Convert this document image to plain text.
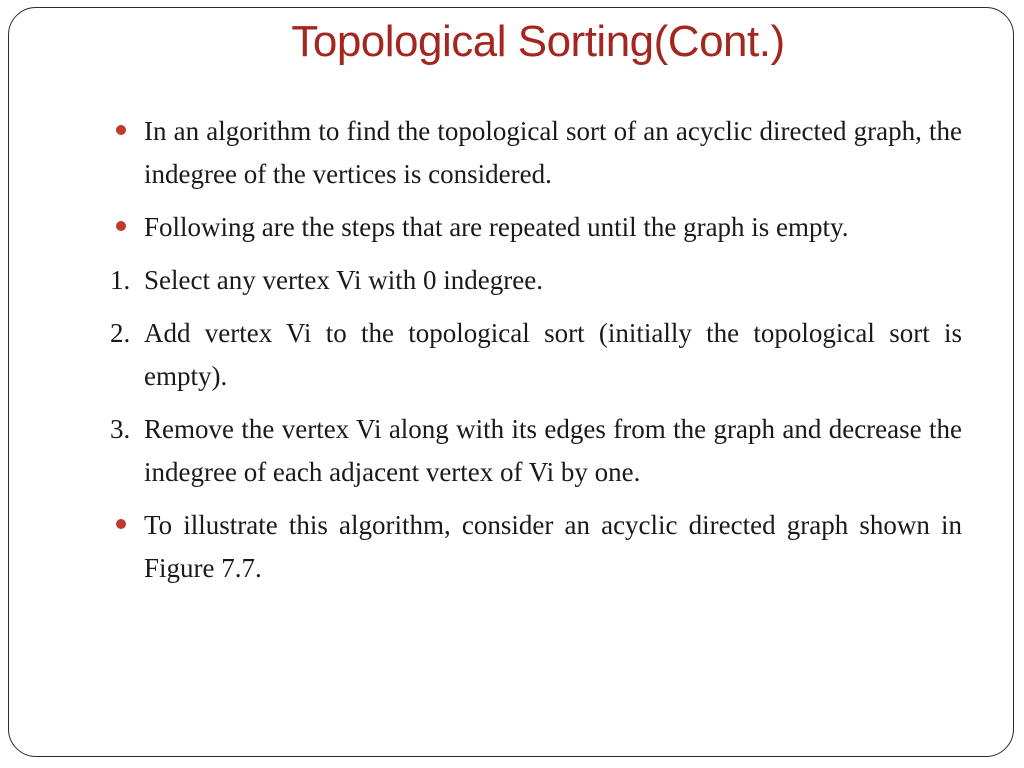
Topological Sorting(Cont.)
In an algorithm to find the topological sort of an acyclic directed graph, the indegree of the vertices is considered.
Following are the steps that are repeated until the graph is empty.
1. Select any vertex Vi with 0 indegree.
2. Add vertex Vi to the topological sort (initially the topological sort is empty).
3. Remove the vertex Vi along with its edges from the graph and decrease the indegree of each adjacent vertex of Vi by one.
To illustrate this algorithm, consider an acyclic directed graph shown in Figure 7.7.
